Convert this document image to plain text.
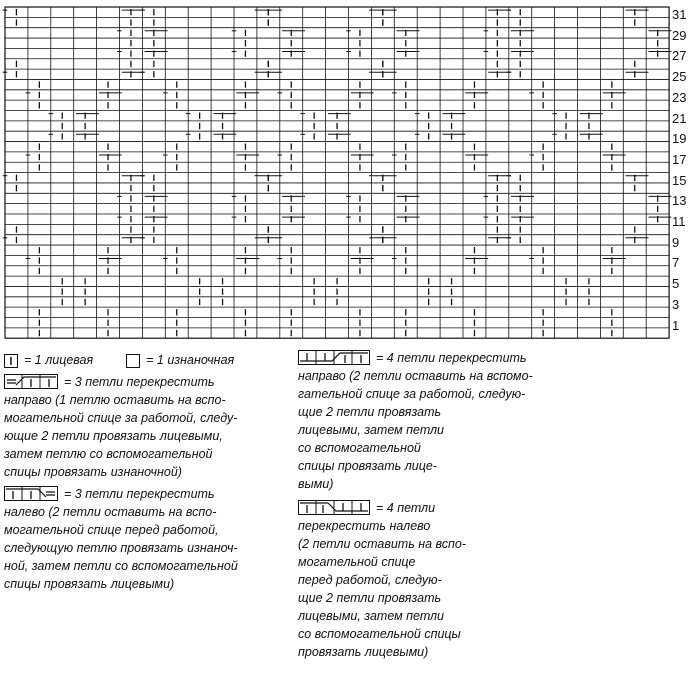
31
29
27
25
23
21
19
17
15
13
11
9
7
5
3
1
= 1 лицевая	= 1 изнаночная
= 3 петли перекрестить
направо (1 петлю оставить на вспо-
могательной спице за работой, следу-
ющие 2 петли провязать лицевыми,
затем петлю со вспомогательной
спицы провязать изнаночной)
= 3 петли перекрестить
налево (2 петли оставить на вспо-
могательной спице перед работой,
следующую петлю провязать изнаноч-
ной, затем петли со вспомогательной
спицы провязать лицевыми)
= 4 петли перекрестить
направо (2 петли оставить на вспомо-
гательной спице за работой, следую-
щие 2 петли провязать
лицевыми, затем петли
со вспомогательной
спицы провязать лице-
выми)
= 4 петли
перекрестить налево
(2 петли оставить на вспо-
могательной спице
перед работой, следую-
щие 2 петли провязать
лицевыми, затем петли
со вспомогательной спицы
провязать лицевыми)
